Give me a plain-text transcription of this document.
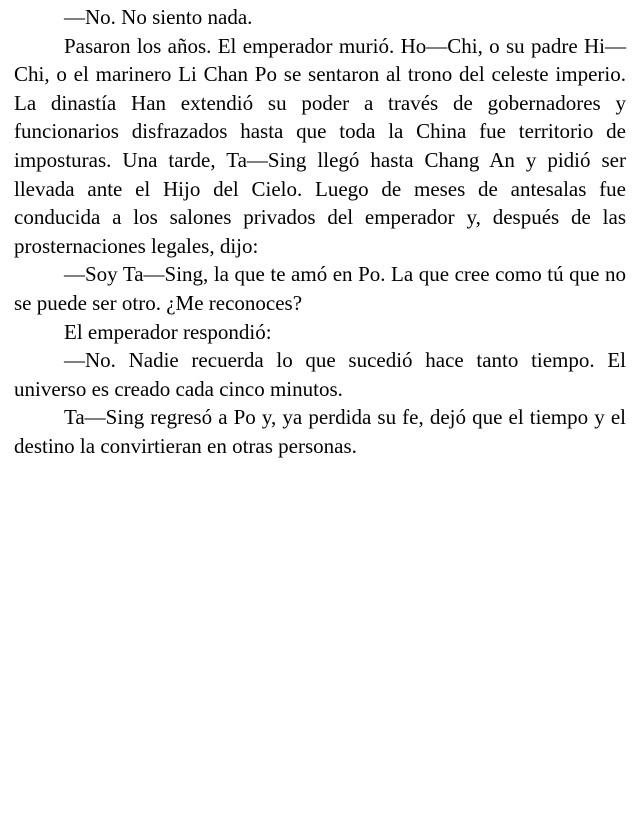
—No. No siento nada.

Pasaron los años. El emperador murió. Ho—Chi, o su padre Hi—Chi, o el marinero Li Chan Po se sentaron al trono del celeste imperio. La dinastía Han extendió su poder a través de gobernadores y funcionarios disfrazados hasta que toda la China fue territorio de imposturas. Una tarde, Ta—Sing llegó hasta Chang An y pidió ser llevada ante el Hijo del Cielo. Luego de meses de antesalas fue conducida a los salones privados del emperador y, después de las prosternaciones legales, dijo:

—Soy Ta—Sing, la que te amó en Po. La que cree como tú que no se puede ser otro. ¿Me reconoces?

El emperador respondió:

—No. Nadie recuerda lo que sucedió hace tanto tiempo. El universo es creado cada cinco minutos.

Ta—Sing regresó a Po y, ya perdida su fe, dejó que el tiempo y el destino la convirtieran en otras personas.
